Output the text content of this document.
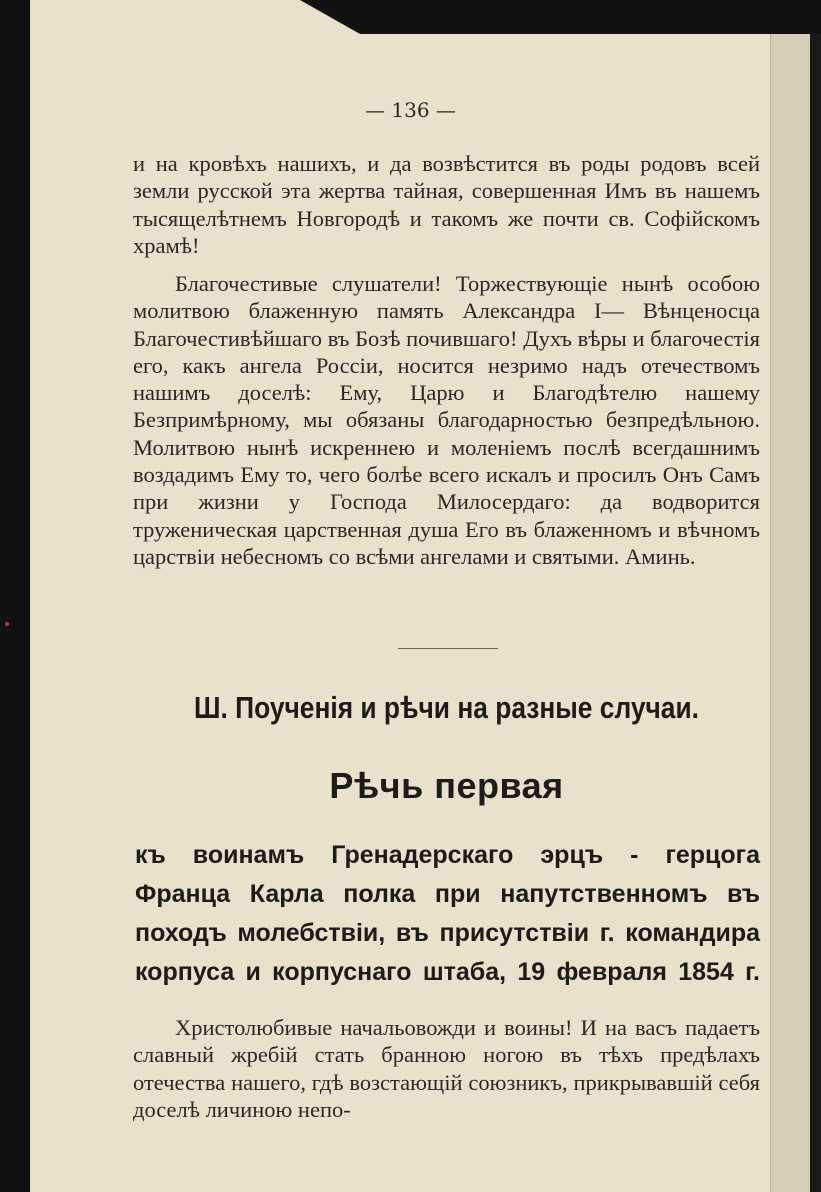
— 136 —

и на кровѣхъ нашихъ, и да возвѣстится въ роды родовъ всей земли русской эта жертва тайная, совершенная Имъ въ нашемъ тысящелѣтнемъ Новгородѣ и такомъ же почти св. Софійскомъ храмѣ!

Благочестивые слушатели! Торжествующіе нынѣ особою молитвою блаженную память Александра I— Вѣнценосца Благочестивѣйшаго въ Бозѣ почившаго! Духъ вѣры и благочестія его, какъ ангела Россіи, носится незримо надъ отечествомъ нашимъ доселѣ: Ему, Царю и Благодѣтелю нашему Безпримѣрному, мы обязаны благодарностью безпредѣльною. Молитвою нынѣ искреннею и моленіемъ послѣ всегдашнимъ воздадимъ Ему то, чего болѣе всего искалъ и просилъ Онъ Самъ при жизни у Господа Милосердаго: да водворится труженическая царственная душа Его въ блаженномъ и вѣчномъ царствіи небесномъ со всѣми ангелами и святыми. Аминь.

Ш. Поученія и рѣчи на разные случаи.
Рѣчь первая
къ воинамъ Гренадерскаго эрцъ - герцога
Франца Карла полка при напутственномъ въ
походъ молебствіи, въ присутствіи г. командира
корпуса и корпуснаго штаба, 19 февраля 1854 г.

Христолюбивые начальовожди и воины! И на васъ падаетъ славный жребій стать бранною ногою въ тѣхъ предѣлахъ отечества нашего, гдѣ возстающій союзникъ, прикрывавшій себя доселѣ личиною непо-
